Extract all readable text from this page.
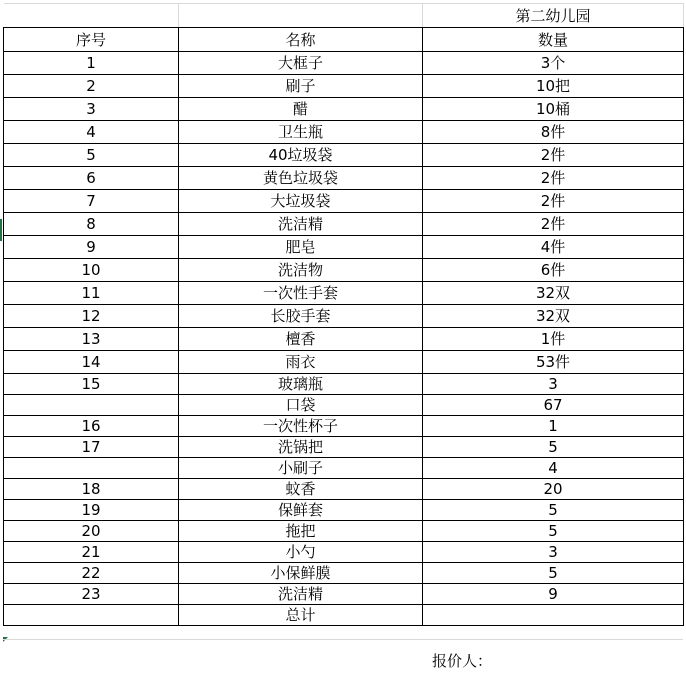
		第二幼儿园
序号	名称	数量
1	大框子	3个
2	刷子	10把
3	醋	10桶
4	卫生瓶	8件
5	40垃圾袋	2件
6	黄色垃圾袋	2件
7	大垃圾袋	2件
8	洗洁精	2件
9	肥皂	4件
10	洗洁物	6件
11	一次性手套	32双
12	长胶手套	32双
13	檀香	1件
14	雨衣	53件
15	玻璃瓶	3
	口袋	67
16	一次性杯子	1
17	洗锅把	5
	小刷子	4
18	蚊香	20
19	保鲜套	5
20	拖把	5
21	小勺	3
22	小保鲜膜	5
23	洗洁精	9
	总计	
报价人：
